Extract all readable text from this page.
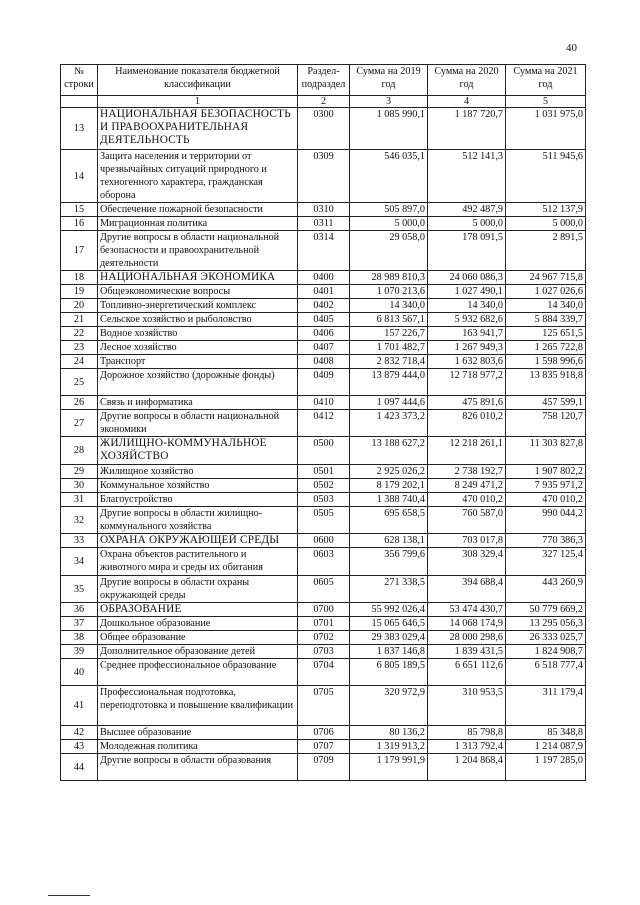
40
№ строки	Наименование показателя бюджетной классификации	Раздел-подраздел	Сумма на 2019 год	Сумма на 2020 год	Сумма на 2021 год
	1	2	3	4	5
13	НАЦИОНАЛЬНАЯ БЕЗОПАСНОСТЬ И ПРАВООХРАНИТЕЛЬНАЯ ДЕЯТЕЛЬНОСТЬ	0300	1 085 990,1	1 187 720,7	1 031 975,0
14	Защита населения и территории от чрезвычайных ситуаций природного и техногенного характера, гражданская оборона	0309	546 035,1	512 141,3	511 945,6
15	Обеспечение пожарной безопасности	0310	505 897,0	492 487,9	512 137,9
16	Миграционная политика	0311	5 000,0	5 000,0	5 000,0
17	Другие вопросы в области национальной безопасности и правоохранительной деятельности	0314	29 058,0	178 091,5	2 891,5
18	НАЦИОНАЛЬНАЯ ЭКОНОМИКА	0400	28 989 810,3	24 060 086,3	24 967 715,8
19	Общеэкономические вопросы	0401	1 070 213,6	1 027 490,1	1 027 026,6
20	Топливно-энергетический комплекс	0402	14 340,0	14 340,0	14 340,0
21	Сельское хозяйство и рыболовство	0405	6 813 567,1	5 932 682,6	5 884 339,7
22	Водное хозяйство	0406	157 226,7	163 941,7	125 651,5
23	Лесное хозяйство	0407	1 701 482,7	1 267 949,3	1 265 722,8
24	Транспорт	0408	2 832 718,4	1 632 803,6	1 598 996,6
25	Дорожное хозяйство (дорожные фонды)	0409	13 879 444,0	12 718 977,2	13 835 918,8
26	Связь и информатика	0410	1 097 444,6	475 891,6	457 599,1
27	Другие вопросы в области национальной экономики	0412	1 423 373,2	826 010,2	758 120,7
28	ЖИЛИЩНО-КОММУНАЛЬНОЕ ХОЗЯЙСТВО	0500	13 188 627,2	12 218 261,1	11 303 827,8
29	Жилищное хозяйство	0501	2 925 026,2	2 738 192,7	1 907 802,2
30	Коммунальное хозяйство	0502	8 179 202,1	8 249 471,2	7 935 971,2
31	Благоустройство	0503	1 388 740,4	470 010,2	470 010,2
32	Другие вопросы в области жилищно-коммунального хозяйства	0505	695 658,5	760 587,0	990 044,2
33	ОХРАНА ОКРУЖАЮЩЕЙ СРЕДЫ	0600	628 138,1	703 017,8	770 386,3
34	Охрана объектов растительного и животного мира и среды их обитания	0603	356 799,6	308 329,4	327 125,4
35	Другие вопросы в области охраны окружающей среды	0605	271 338,5	394 688,4	443 260,9
36	ОБРАЗОВАНИЕ	0700	55 992 026,4	53 474 430,7	50 779 669,2
37	Дошкольное образование	0701	15 065 646,5	14 068 174,9	13 295 056,3
38	Общее образование	0702	29 383 029,4	28 000 298,6	26 333 025,7
39	Дополнительное образование детей	0703	1 837 146,8	1 839 431,5	1 824 908,7
40	Среднее профессиональное образование	0704	6 805 189,5	6 651 112,6	6 518 777,4
41	Профессиональная подготовка, переподготовка и повышение квалификации	0705	320 972,9	310 953,5	311 179,4
42	Высшее образование	0706	80 136,2	85 798,8	85 348,8
43	Молодежная политика	0707	1 319 913,2	1 313 792,4	1 214 087,9
44	Другие вопросы в области образования	0709	1 179 991,9	1 204 868,4	1 197 285,0
